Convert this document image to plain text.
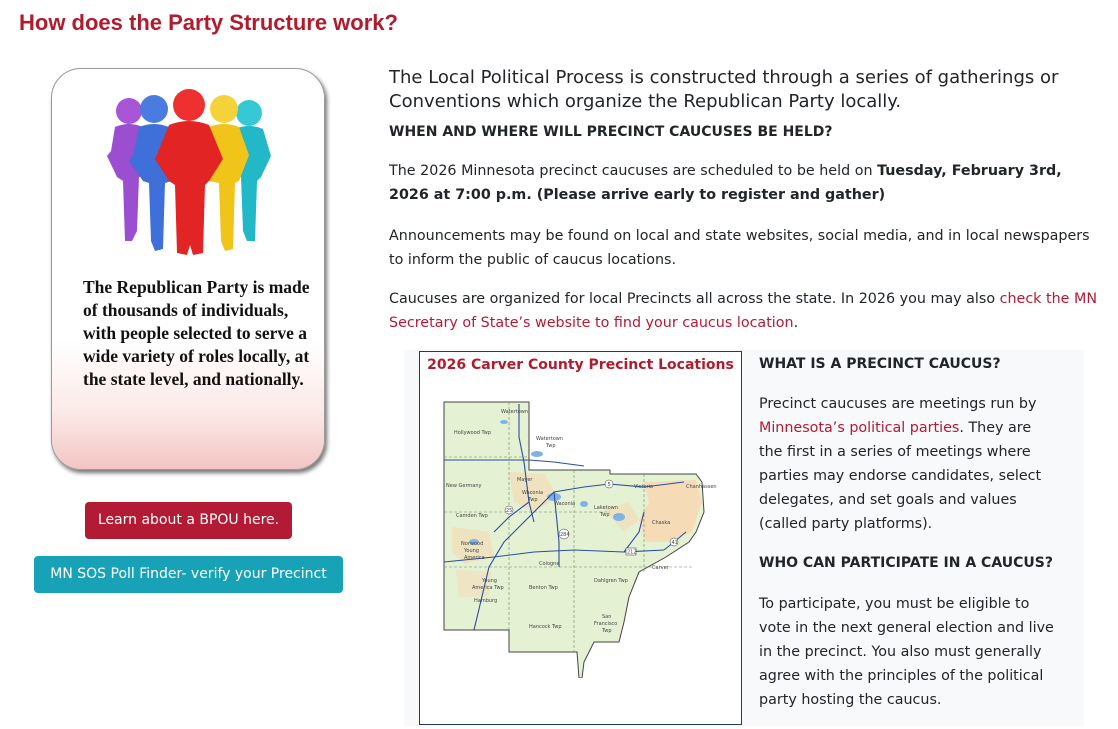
How does the Party Structure work?

The Republican Party is made of thousands of individuals, with people selected to serve a wide variety of roles locally, at the state level, and nationally.

Learn about a BPOU here.
MN SOS Poll Finder- verify your Precinct

The Local Political Process is constructed through a series of gatherings or Conventions which organize the Republican Party locally.

WHEN AND WHERE WILL PRECINCT CAUCUSES BE HELD?

The 2026 Minnesota precinct caucuses are scheduled to be held on Tuesday, February 3rd, 2026 at 7:00 p.m. (Please arrive early to register and gather)

Announcements may be found on local and state websites, social media, and in local newspapers to inform the public of caucus locations.

Caucuses are organized for local Precincts all across the state. In 2026 you may also check the MN Secretary of State’s website to find your caucus location.

2026 Carver County Precinct Locations
5
25
284
212
41
Watertown
Hollywood Twp
Watertown
Twp
New Germany
Mayer
Waconia
Twp
Waconia
Victoria	Chanhassen
Camden Twp
Laketown
Twp
Chaska
Norwood
Young
America
Cologne
Carver
Young
America Twp
Hamburg
Benton Twp
Dahlgren Twp
Hancock Twp
San
Francisco
Twp

WHAT IS A PRECINCT CAUCUS?

Precinct caucuses are meetings run by Minnesota’s political parties. They are the first in a series of meetings where parties may endorse candidates, select delegates, and set goals and values (called party platforms).

WHO CAN PARTICIPATE IN A CAUCUS?

To participate, you must be eligible to vote in the next general election and live in the precinct. You also must generally agree with the principles of the political party hosting the caucus.
